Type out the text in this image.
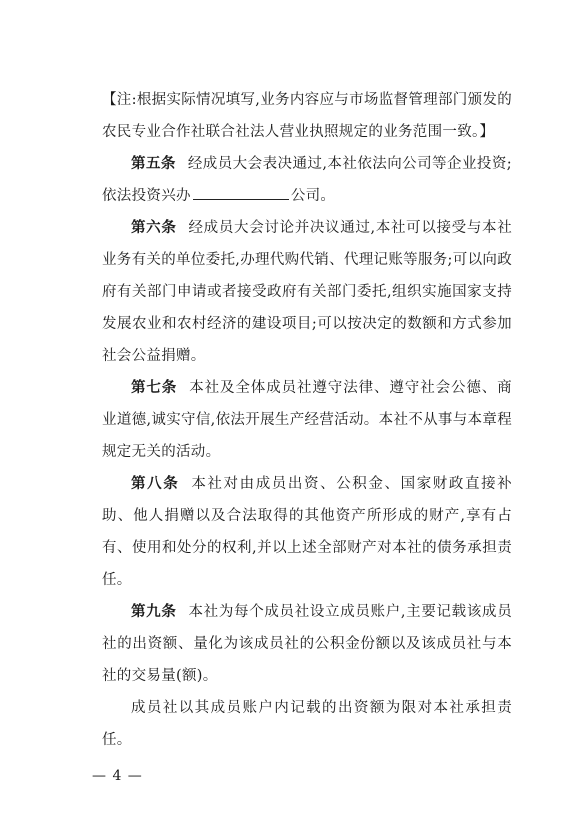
【注:根据实际情况填写,业务内容应与市场监督管理部门颁发的农民专业合作社联合社法人营业执照规定的业务范围一致。】

第五条 经成员大会表决通过,本社依法向公司等企业投资;依法投资兴办	公司。

第六条 经成员大会讨论并决议通过,本社可以接受与本社业务有关的单位委托,办理代购代销、代理记账等服务;可以向政府有关部门申请或者接受政府有关部门委托,组织实施国家支持发展农业和农村经济的建设项目;可以按决定的数额和方式参加社会公益捐赠。

第七条 本社及全体成员社遵守法律、遵守社会公德、商业道德,诚实守信,依法开展生产经营活动。本社不从事与本章程规定无关的活动。

第八条 本社对由成员出资、公积金、国家财政直接补助、他人捐赠以及合法取得的其他资产所形成的财产,享有占有、使用和处分的权利,并以上述全部财产对本社的债务承担责任。

第九条 本社为每个成员社设立成员账户,主要记载该成员社的出资额、量化为该成员社的公积金份额以及该成员社与本社的交易量(额)。

成员社以其成员账户内记载的出资额为限对本社承担责任。

— 4 —
